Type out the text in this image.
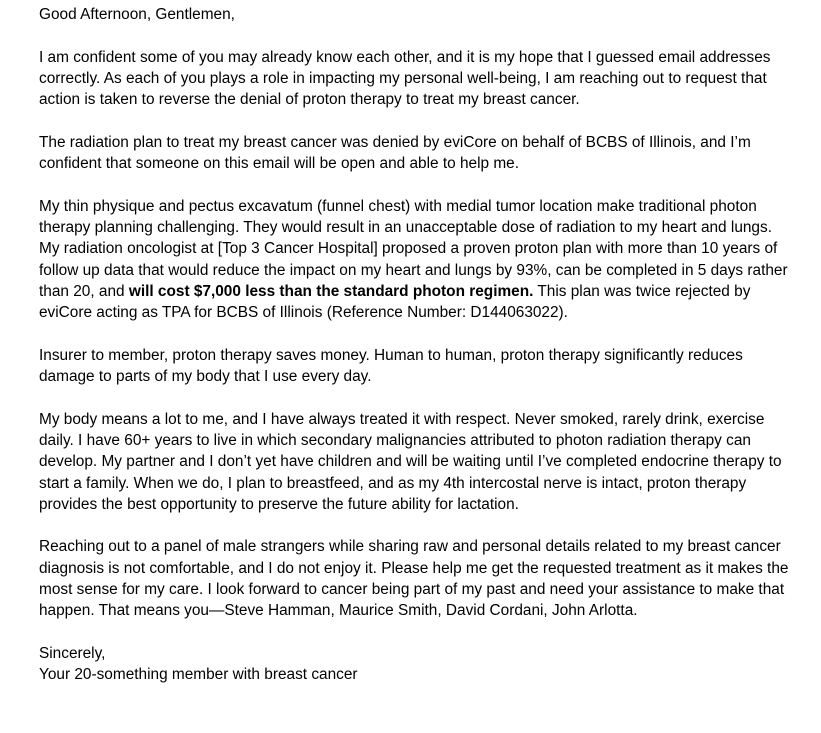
Good Afternoon, Gentlemen,

I am confident some of you may already know each other, and it is my hope that I guessed email addresses correctly. As each of you plays a role in impacting my personal well-being, I am reaching out to request that action is taken to reverse the denial of proton therapy to treat my breast cancer.

The radiation plan to treat my breast cancer was denied by eviCore on behalf of BCBS of Illinois, and I’m confident that someone on this email will be open and able to help me.

My thin physique and pectus excavatum (funnel chest) with medial tumor location make traditional photon therapy planning challenging. They would result in an unacceptable dose of radiation to my heart and lungs. My radiation oncologist at [Top 3 Cancer Hospital] proposed a proven proton plan with more than 10 years of follow up data that would reduce the impact on my heart and lungs by 93%, can be completed in 5 days rather than 20, and will cost $7,000 less than the standard photon regimen. This plan was twice rejected by eviCore acting as TPA for BCBS of Illinois (Reference Number: D144063022).

Insurer to member, proton therapy saves money. Human to human, proton therapy significantly reduces damage to parts of my body that I use every day.

My body means a lot to me, and I have always treated it with respect. Never smoked, rarely drink, exercise daily. I have 60+ years to live in which secondary malignancies attributed to photon radiation therapy can develop. My partner and I don’t yet have children and will be waiting until I’ve completed endocrine therapy to start a family. When we do, I plan to breastfeed, and as my 4th intercostal nerve is intact, proton therapy provides the best opportunity to preserve the future ability for lactation.

Reaching out to a panel of male strangers while sharing raw and personal details related to my breast cancer diagnosis is not comfortable, and I do not enjoy it. Please help me get the requested treatment as it makes the most sense for my care. I look forward to cancer being part of my past and need your assistance to make that happen. That means you—Steve Hamman, Maurice Smith, David Cordani, John Arlotta.

Sincerely,

Your 20-something member with breast cancer
